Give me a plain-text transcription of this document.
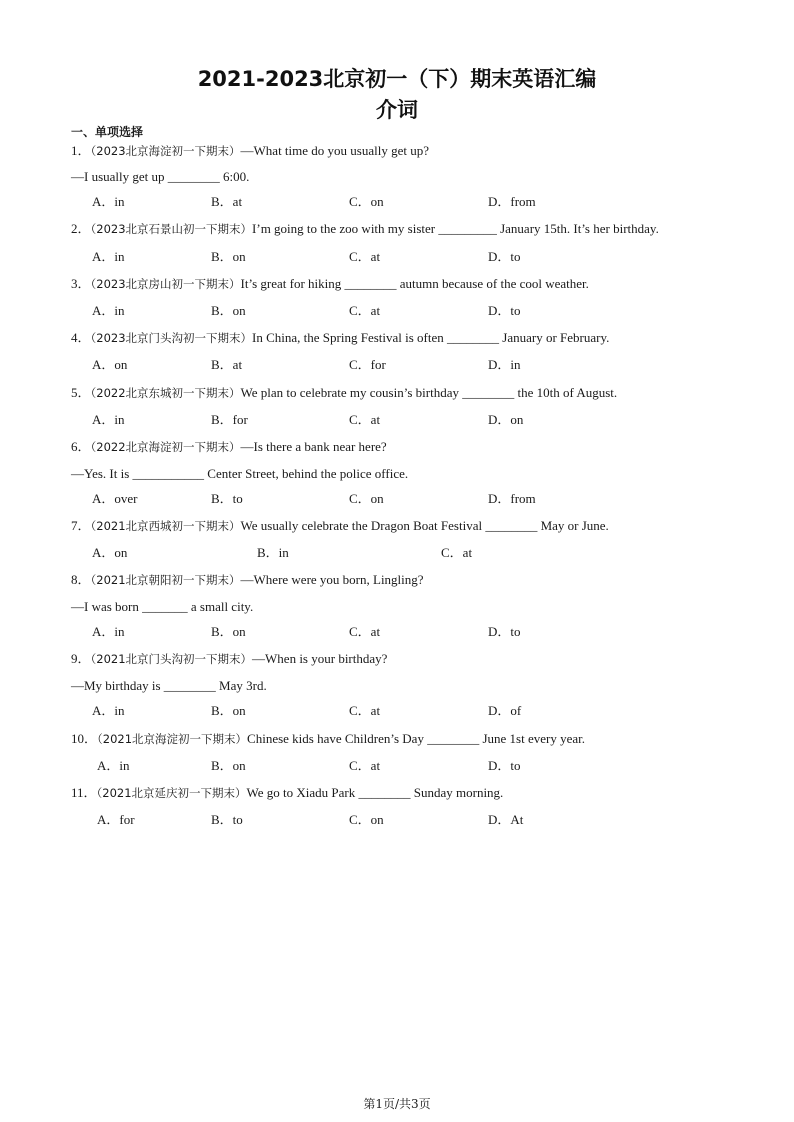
2021-2023北京初一（下）期末英语汇编
介词
一、单项选择
1．（2023北京海淀初一下期末）—What time do you usually get up?
—I usually get up ________ 6:00.
A．in	B．at	C．on	D．from
2．（2023北京石景山初一下期末）I’m going to the zoo with my sister _________ January 15th. It’s her birthday.
A．in	B．on	C．at	D．to
3．（2023北京房山初一下期末）It’s great for hiking ________ autumn because of the cool weather.
A．in	B．on	C．at	D．to
4．（2023北京门头沟初一下期末）In China, the Spring Festival is often ________ January or February.
A．on	B．at	C．for	D．in
5．（2022北京东城初一下期末）We plan to celebrate my cousin’s birthday ________ the 10th of August.
A．in	B．for	C．at	D．on
6．（2022北京海淀初一下期末）—Is there a bank near here?
—Yes. It is ___________ Center Street, behind the police office.
A．over	B．to	C．on	D．from
7．（2021北京西城初一下期末）We usually celebrate the Dragon Boat Festival ________ May or June.
A．on	B．in	C．at
8．（2021北京朝阳初一下期末）—Where were you born, Lingling?
—I was born _______ a small city.
A．in	B．on	C．at	D．to
9．（2021北京门头沟初一下期末）—When is your birthday?
—My birthday is ________ May 3rd.
A．in	B．on	C．at	D．of
10．（2021北京海淀初一下期末）Chinese kids have Children’s Day ________ June 1st every year.
A．in	B．on	C．at	D．to
11．（2021北京延庆初一下期末）We go to Xiadu Park ________ Sunday morning.
A．for	B．to	C．on	D．At
第1页/共3页
